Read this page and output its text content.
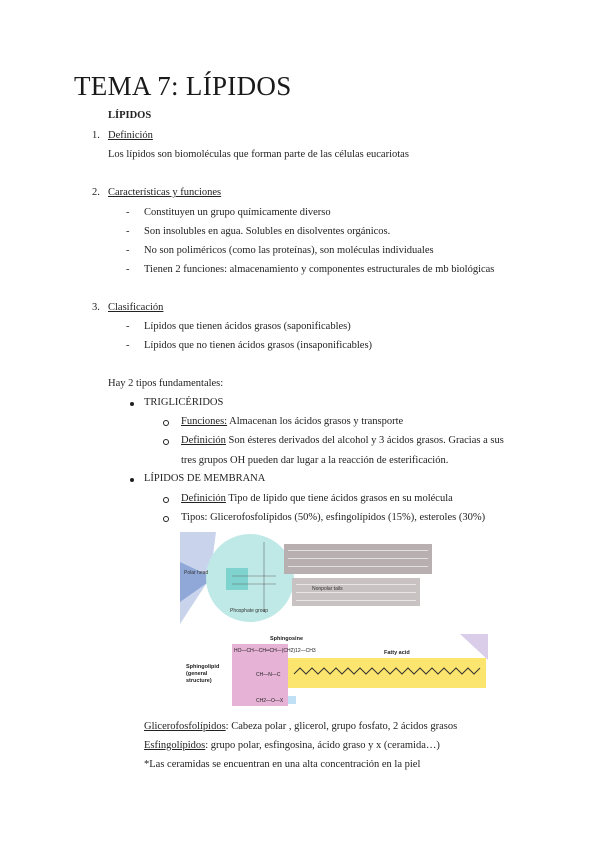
TEMA 7: LÍPIDOS
LÍPIDOS
1. Definición
Los lípidos son biomoléculas que forman parte de las células eucariotas
2. Características y funciones
- Constituyen un grupo químicamente diverso
- Son insolubles en agua. Solubles en disolventes orgánicos.
- No son poliméricos (como las proteínas), son moléculas individuales
- Tienen 2 funciones: almacenamiento y componentes estructurales de mb biológicas
3. Clasificación
- Lípidos que tienen ácidos grasos (saponificables)
- Lípidos que no tienen ácidos grasos (insaponificables)
Hay 2 tipos fundamentales:
TRIGLICÉRIDOS
Funciones: Almacenan los ácidos grasos y transporte
Definición Son ésteres derivados del alcohol y 3 ácidos grasos. Gracias a sus
tres grupos OH pueden dar lugar a la reacción de esterificación.
LÍPIDOS DE MEMBRANA
Definición Tipo de lípido que tiene ácidos grasos en su molécula
Tipos: Glicerofosfolípidos (50%), esfingolípidos (15%), esteroles (30%)
Polar head
Nonpolar tails
Phosphate group
Sphingosine
Fatty acid
Sphingolipid
(general
structure)
HO—CH—CH═CH—(CH2)12—CH3
CH—N—C
CH2—O—X
Glicerofosfolípidos: Cabeza polar , glicerol, grupo fosfato, 2 ácidos grasos
Esfingolípidos: grupo polar, esfingosina, ácido graso y x (ceramida…)
*Las ceramidas se encuentran en una alta concentración en la piel
